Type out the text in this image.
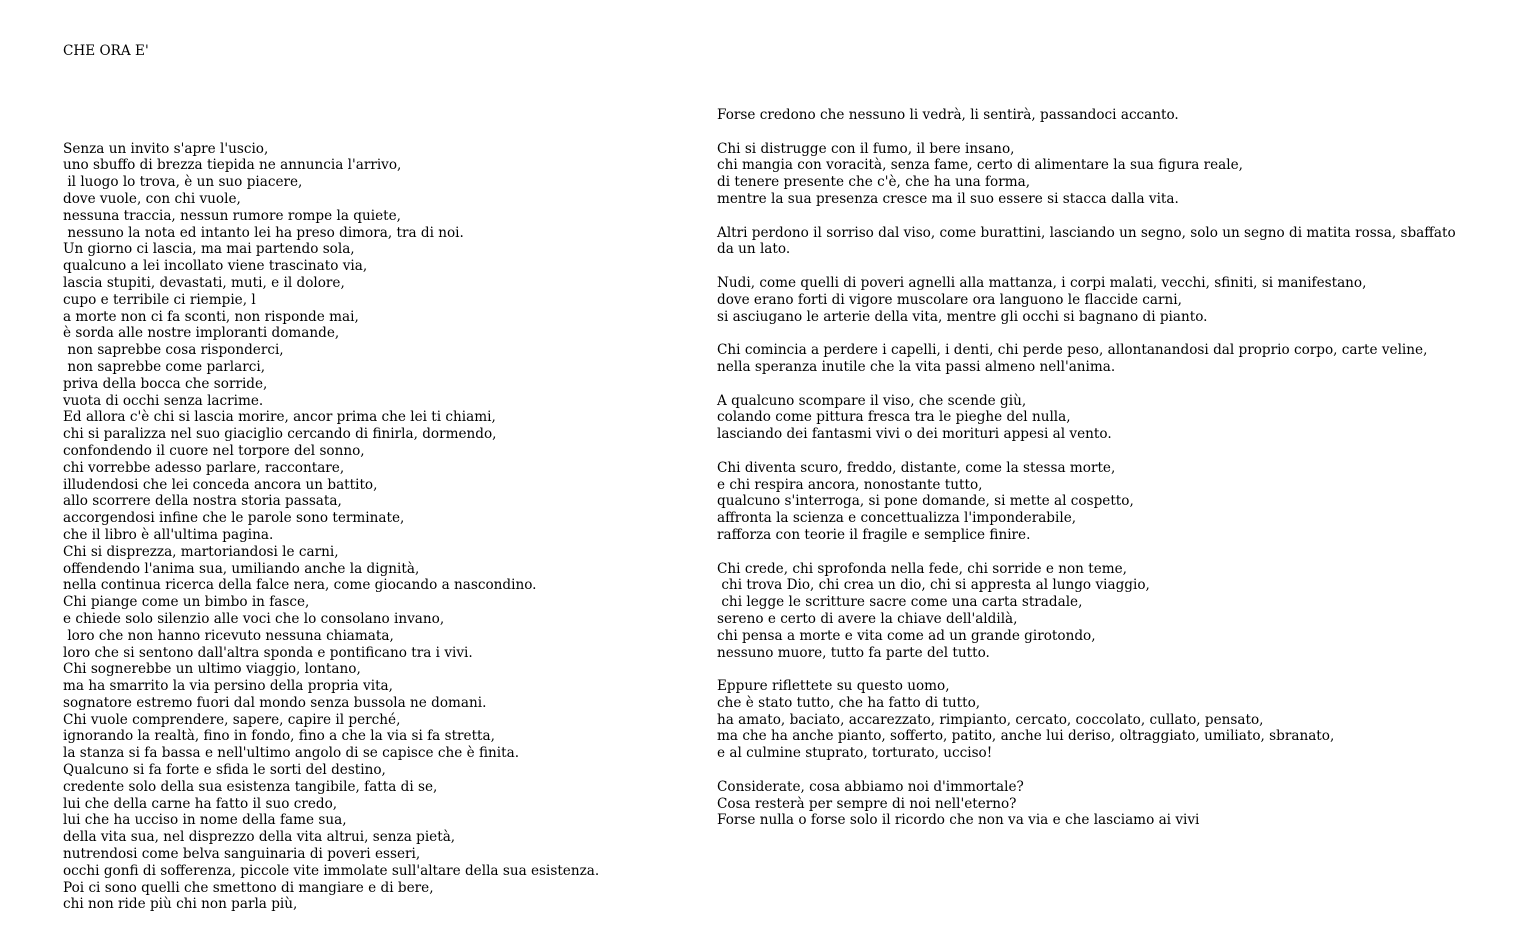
CHE ORA E'

Senza un invito s'apre l'uscio,
uno sbuffo di brezza tiepida ne annuncia l'arrivo,
il luogo lo trova, è un suo piacere,
dove vuole, con chi vuole,
nessuna traccia, nessun rumore rompe la quiete,
nessuno la nota ed intanto lei ha preso dimora, tra di noi.
Un giorno ci lascia, ma mai partendo sola,
qualcuno a lei incollato viene trascinato via,
lascia stupiti, devastati, muti, e il dolore,
cupo e terribile ci riempie, l
a morte non ci fa sconti, non risponde mai,
è sorda alle nostre imploranti domande,
non saprebbe cosa risponderci,
non saprebbe come parlarci,
priva della bocca che sorride,
vuota di occhi senza lacrime.
Ed allora c'è chi si lascia morire, ancor prima che lei ti chiami,
chi si paralizza nel suo giaciglio cercando di finirla, dormendo,
confondendo il cuore nel torpore del sonno,
chi vorrebbe adesso parlare, raccontare,
illudendosi che lei conceda ancora un battito,
allo scorrere della nostra storia passata,
accorgendosi infine che le parole sono terminate,
che il libro è all'ultima pagina.
Chi si disprezza, martoriandosi le carni,
offendendo l'anima sua, umiliando anche la dignità,
nella continua ricerca della falce nera, come giocando a nascondino.
Chi piange come un bimbo in fasce,
e chiede solo silenzio alle voci che lo consolano invano,
loro che non hanno ricevuto nessuna chiamata,
loro che si sentono dall'altra sponda e pontificano tra i vivi.
Chi sognerebbe un ultimo viaggio, lontano,
ma ha smarrito la via persino della propria vita,
sognatore estremo fuori dal mondo senza bussola ne domani.
Chi vuole comprendere, sapere, capire il perché,
ignorando la realtà, fino in fondo, fino a che la via si fa stretta,
la stanza si fa bassa e nell'ultimo angolo di se capisce che è finita.
Qualcuno si fa forte e sfida le sorti del destino,
credente solo della sua esistenza tangibile, fatta di se,
lui che della carne ha fatto il suo credo,
lui che ha ucciso in nome della fame sua,
della vita sua, nel disprezzo della vita altrui, senza pietà,
nutrendosi come belva sanguinaria di poveri esseri,
occhi gonfi di sofferenza, piccole vite immolate sull'altare della sua esistenza.
Poi ci sono quelli che smettono di mangiare e di bere,
chi non ride più chi non parla più,

Forse credono che nessuno li vedrà, li sentirà, passandoci accanto.
Chi si distrugge con il fumo, il bere insano,
chi mangia con voracità, senza fame, certo di alimentare la sua figura reale,
di tenere presente che c'è, che ha una forma,
mentre la sua presenza cresce ma il suo essere si stacca dalla vita.
Altri perdono il sorriso dal viso, come burattini, lasciando un segno, solo un segno di matita rossa, sbaffato
da un lato.
Nudi, come quelli di poveri agnelli alla mattanza, i corpi malati, vecchi, sfiniti, si manifestano,
dove erano forti di vigore muscolare ora languono le flaccide carni,
si asciugano le arterie della vita, mentre gli occhi si bagnano di pianto.
Chi comincia a perdere i capelli, i denti, chi perde peso, allontanandosi dal proprio corpo, carte veline,
nella speranza inutile che la vita passi almeno nell'anima.
A qualcuno scompare il viso, che scende giù,
colando come pittura fresca tra le pieghe del nulla,
lasciando dei fantasmi vivi o dei morituri appesi al vento.
Chi diventa scuro, freddo, distante, come la stessa morte,
e chi respira ancora, nonostante tutto,
qualcuno s'interroga, si pone domande, si mette al cospetto,
affronta la scienza e concettualizza l'imponderabile,
rafforza con teorie il fragile e semplice finire.
Chi crede, chi sprofonda nella fede, chi sorride e non teme,
chi trova Dio, chi crea un dio, chi si appresta al lungo viaggio,
chi legge le scritture sacre come una carta stradale,
sereno e certo di avere la chiave dell'aldilà,
chi pensa a morte e vita come ad un grande girotondo,
nessuno muore, tutto fa parte del tutto.
Eppure riflettete su questo uomo,
che è stato tutto, che ha fatto di tutto,
ha amato, baciato, accarezzato, rimpianto, cercato, coccolato, cullato, pensato,
ma che ha anche pianto, sofferto, patito, anche lui deriso, oltraggiato, umiliato, sbranato,
e al culmine stuprato, torturato, ucciso!
Considerate, cosa abbiamo noi d'immortale?
Cosa resterà per sempre di noi nell'eterno?
Forse nulla o forse solo il ricordo che non va via e che lasciamo ai vivi
